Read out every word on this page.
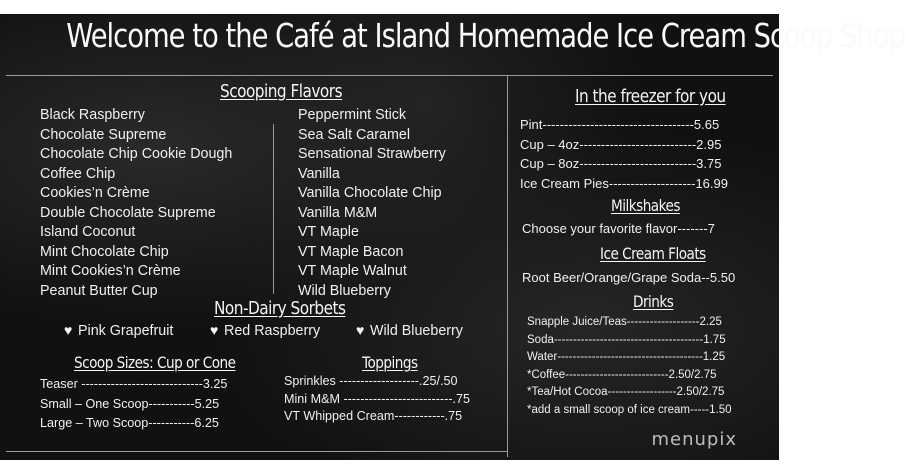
Welcome to the Café at Island Homemade Ice Cream Scoop Shop
Scooping Flavors
Black Raspberry
Chocolate Supreme
Chocolate Chip Cookie Dough
Coffee Chip
Cookies’n Crème
Double Chocolate Supreme
Island Coconut
Mint Chocolate Chip
Mint Cookies’n Crème
Peanut Butter Cup
Peppermint Stick
Sea Salt Caramel
Sensational Strawberry
Vanilla
Vanilla Chocolate Chip
Vanilla M&M
VT Maple
VT Maple Bacon
VT Maple Walnut
Wild Blueberry
Non-Dairy Sorbets
♥ Pink Grapefruit	♥ Red Raspberry	♥ Wild Blueberry
Scoop Sizes: Cup or Cone
Teaser -----------------------------3.25
Small – One Scoop-----------5.25
Large – Two Scoop-----------6.25
Toppings
Sprinkles -------------------.25/.50
Mini M&M --------------------------.75
VT Whipped Cream------------.75
In the freezer for you
Pint-----------------------------------5.65
Cup – 4oz---------------------------2.95
Cup – 8oz---------------------------3.75
Ice Cream Pies--------------------16.99
Milkshakes
Choose your favorite flavor-------7
Ice Cream Floats
Root Beer/Orange/Grape Soda--5.50
Drinks
Snapple Juice/Teas-------------------2.25
Soda---------------------------------------1.75
Water--------------------------------------1.25
*Coffee---------------------------2.50/2.75
*Tea/Hot Cocoa------------------2.50/2.75
*add a small scoop of ice cream-----1.50
menupix
